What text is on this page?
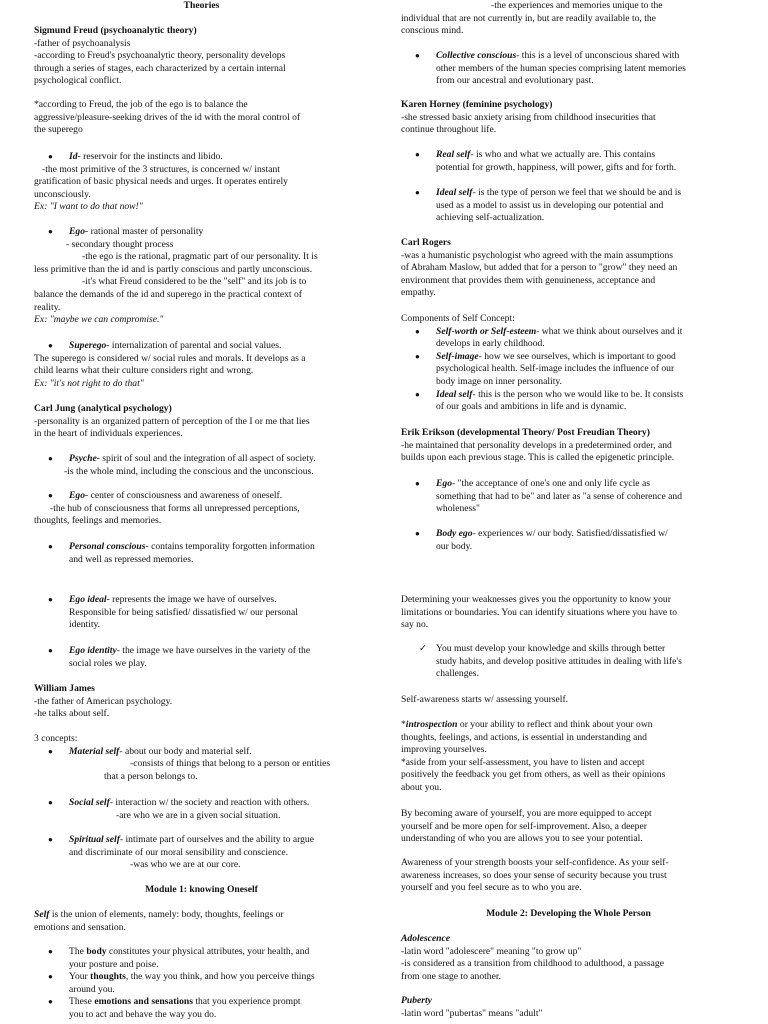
Theories

Sigmund Freud (psychoanalytic theory)

-father of psychoanalysis

-according to Freud's psychoanalytic theory, personality develops

through a series of stages, each characterized by a certain internal

psychological conflict.

*according to Freud, the job of the ego is to balance the

aggressive/pleasure-seeking drives of the id with the moral control of

the superego

●	Id- reservoir for the instincts and libido.

-the most primitive of the 3 structures, is concerned w/ instant

gratification of basic physical needs and urges. It operates entirely

unconsciously.

Ex: "I want to do that now!"

●	Ego- rational master of personality

- secondary thought process

-the ego is the rational, pragmatic part of our personality. It is

less primitive than the id and is partly conscious and partly unconscious.

-it's what Freud considered to be the "self" and its job is to

balance the demands of the id and superego in the practical context of

reality.

Ex: "maybe we can compromise."

●	Superego- internalization of parental and social values.

The superego is considered w/ social rules and morals. It develops as a

child learns what their culture considers right and wrong.

Ex: "it's not right to do that"

Carl Jung (analytical psychology)

-personality is an organized pattern of perception of the I or me that lies

in the heart of individuals experiences.

●	Psyche- spirit of soul and the integration of all aspect of society.

-is the whole mind, including the conscious and the unconscious.

●	Ego- center of consciousness and awareness of oneself.

-the hub of consciousness that forms all unrepressed perceptions,

thoughts, feelings and memories.

●	Personal conscious- contains temporality forgotten information

and well as repressed memories.

●	Ego ideal- represents the image we have of ourselves.

Responsible for being satisfied/ dissatisfied w/ our personal

identity.

●	Ego identity- the image we have ourselves in the variety of the

social roles we play.

William James

-the father of American psychology.

-he talks about self.

3 concepts:

●	Material self- about our body and material self.

-consists of things that belong to a person or entities

that a person belongs to.

●	Social self- interaction w/ the society and reaction with others.

-are who we are in a given social situation.

●	Spiritual self- intimate part of ourselves and the ability to argue

and discriminate of our moral sensibility and conscience.

-was who we are at our core.

Module 1: knowing Oneself

Self is the union of elements, namely: body, thoughts, feelings or

emotions and sensation.

●	The body constitutes your physical attributes, your health, and

your posture and poise.

●	Your thoughts, the way you think, and how you perceive things

around you.

●	These emotions and sensations that you experience prompt

you to act and behave the way you do.

-the experiences and memories unique to the

individual that are not currently in, but are readily available to, the

conscious mind.

●	Collective conscious- this is a level of unconscious shared with

other members of the human species comprising latent memories

from our ancestral and evolutionary past.

Karen Horney (feminine psychology)

-she stressed basic anxiety arising from childhood insecurities that

continue throughout life.

●	Real self- is who and what we actually are. This contains

potential for growth, happiness, will power, gifts and for forth.

●	Ideal self- is the type of person we feel that we should be and is

used as a model to assist us in developing our potential and

achieving self-actualization.

Carl Rogers

-was a humanistic psychologist who agreed with the main assumptions

of Abraham Maslow, but added that for a person to "grow" they need an

environment that provides them with genuineness, acceptance and

empathy.

Components of Self Concept:

●	Self-worth or Self-esteem- what we think about ourselves and it

develops in early childhood.

●	Self-image- how we see ourselves, which is important to good

psychological health. Self-image includes the influence of our

body image on inner personality.

●	Ideal self- this is the person who we would like to be. It consists

of our goals and ambitions in life and is dynamic.

Erik Erikson (developmental Theory/ Post Freudian Theory)

-he maintained that personality develops in a predetermined order, and

builds upon each previous stage. This is called the epigenetic principle.

●	Ego- "the acceptance of one's one and only life cycle as

something that had to be" and later as "a sense of coherence and

wholeness"

●	Body ego- experiences w/ our body. Satisfied/dissatisfied w/

our body.

Determining your weaknesses gives you the opportunity to know your

limitations or boundaries. You can identify situations where you have to

say no.

✓ You must develop your knowledge and skills through better

study habits, and develop positive attitudes in dealing with life's

challenges.

Self-awareness starts w/ assessing yourself.

*introspection or your ability to reflect and think about your own

thoughts, feelings, and actions, is essential in understanding and

improving yourselves.

*aside from your self-assessment, you have to listen and accept

positively the feedback you get from others, as well as their opinions

about you.

By becoming aware of yourself, you are more equipped to accept

yourself and be more open for self-improvement. Also, a deeper

understanding of who you are allows you to see your potential.

Awareness of your strength boosts your self-confidence. As your self-

awareness increases, so does your sense of security because you trust

yourself and you feel secure as to who you are.

Module 2: Developing the Whole Person

Adolescence

-latin word "adolescere" meaning "to grow up"

-is considered as a transition from childhood to adulthood, a passage

from one stage to another.

Puberty

-latin word "pubertas" means "adult"
